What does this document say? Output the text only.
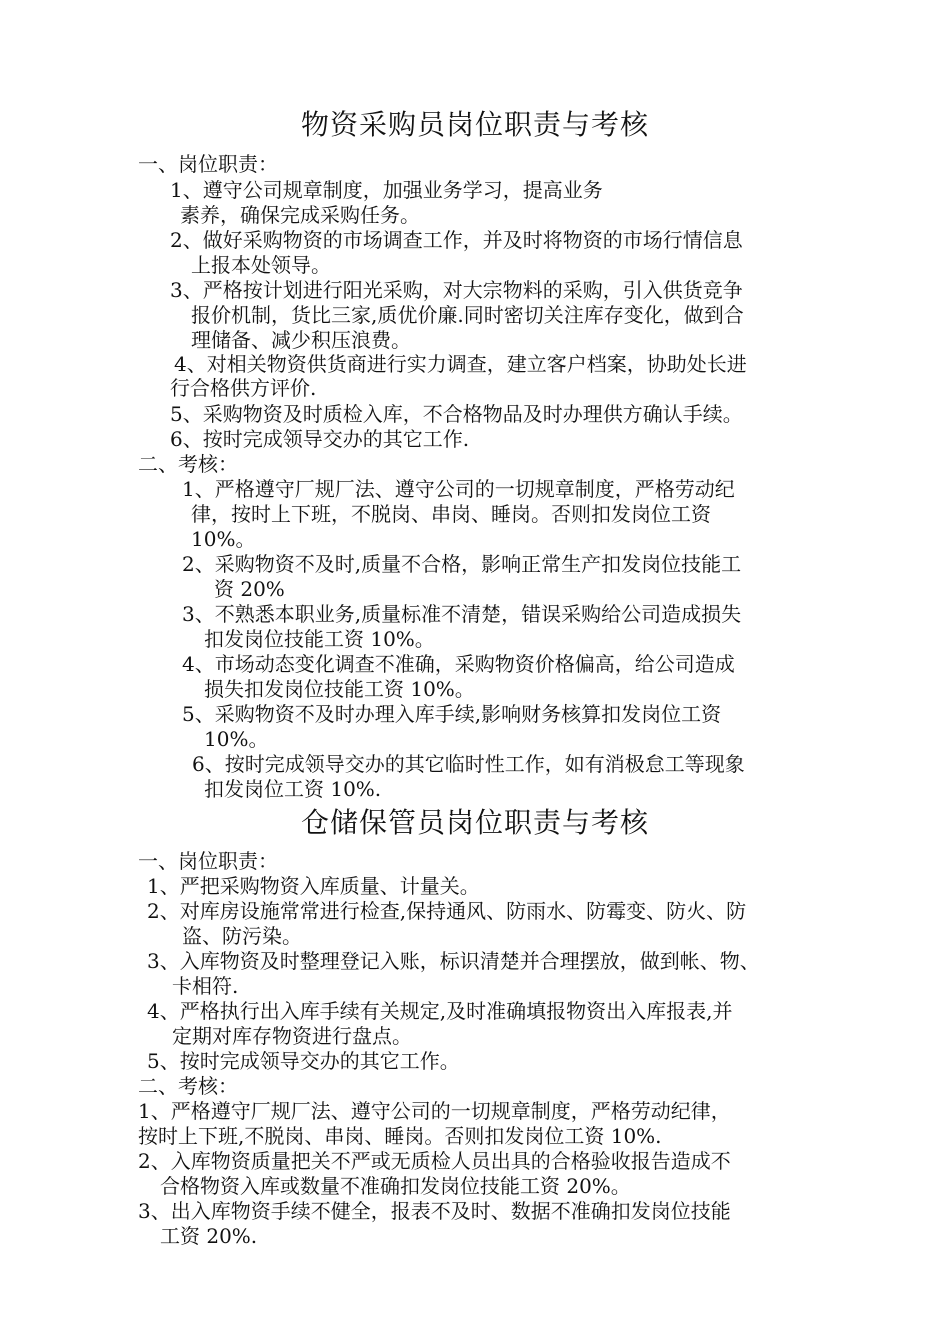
物资采购员岗位职责与考核
一、岗位职责：
1、遵守公司规章制度，加强业务学习，提高业务
素养，确保完成采购任务。
2、做好采购物资的市场调查工作，并及时将物资的市场行情信息
上报本处领导。
3、严格按计划进行阳光采购，对大宗物料的采购，引入供货竞争
报价机制，货比三家,质优价廉.同时密切关注库存变化，做到合
理储备、减少积压浪费。
4、对相关物资供货商进行实力调查，建立客户档案，协助处长进
行合格供方评价.
5、采购物资及时质检入库，不合格物品及时办理供方确认手续。
6、按时完成领导交办的其它工作.
二、考核：
1、严格遵守厂规厂法、遵守公司的一切规章制度，严格劳动纪
律，按时上下班，不脱岗、串岗、睡岗。否则扣发岗位工资
10%。
2、采购物资不及时,质量不合格，影响正常生产扣发岗位技能工
资 20%
3、不熟悉本职业务,质量标准不清楚，错误采购给公司造成损失
扣发岗位技能工资 10%。
4、市场动态变化调查不准确，采购物资价格偏高，给公司造成
损失扣发岗位技能工资 10%。
5、采购物资不及时办理入库手续,影响财务核算扣发岗位工资
10%。
6、按时完成领导交办的其它临时性工作，如有消极怠工等现象
扣发岗位工资 10%.
仓储保管员岗位职责与考核
一、岗位职责：
1、严把采购物资入库质量、计量关。
2、对库房设施常常进行检查,保持通风、防雨水、防霉变、防火、防
盗、防污染。
3、入库物资及时整理登记入账，标识清楚并合理摆放，做到帐、物、
卡相符.
4、严格执行出入库手续有关规定,及时准确填报物资出入库报表,并
定期对库存物资进行盘点。
5、按时完成领导交办的其它工作。
二、考核：
1、严格遵守厂规厂法、遵守公司的一切规章制度，严格劳动纪律，
按时上下班,不脱岗、串岗、睡岗。否则扣发岗位工资 10%.
2、入库物资质量把关不严或无质检人员出具的合格验收报告造成不
合格物资入库或数量不准确扣发岗位技能工资 20%。
3、出入库物资手续不健全，报表不及时、数据不准确扣发岗位技能
工资 20%.
